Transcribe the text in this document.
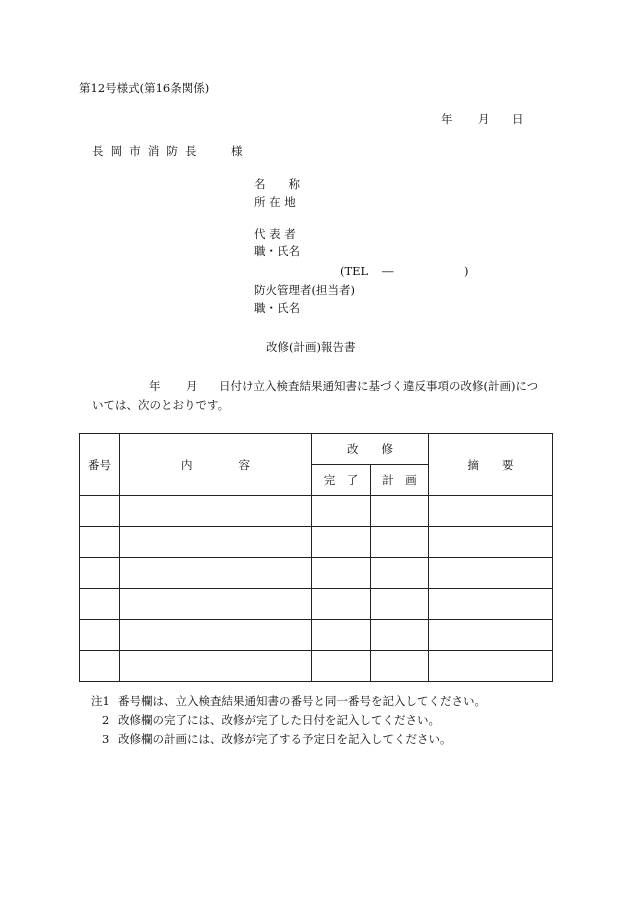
第12号様式(第16条関係)
年 月 日
長 岡 市 消 防 長	様
名　　称
所 在 地
代 表 者
職・氏名
(TEL ―	)
防火管理者(担当者)
職・氏名
改修(計画)報告書
年 月 日付け立入検査結果通知書に基づく違反事項の改修(計画)につ
いては、次のとおりです。
番号	内　　　　容	改　　修		摘　　要
		完　了	計　画	

注1 番号欄は、立入検査結果通知書の番号と同一番号を記入してください。
2 改修欄の完了には、改修が完了した日付を記入してください。
3 改修欄の計画には、改修が完了する予定日を記入してください。
